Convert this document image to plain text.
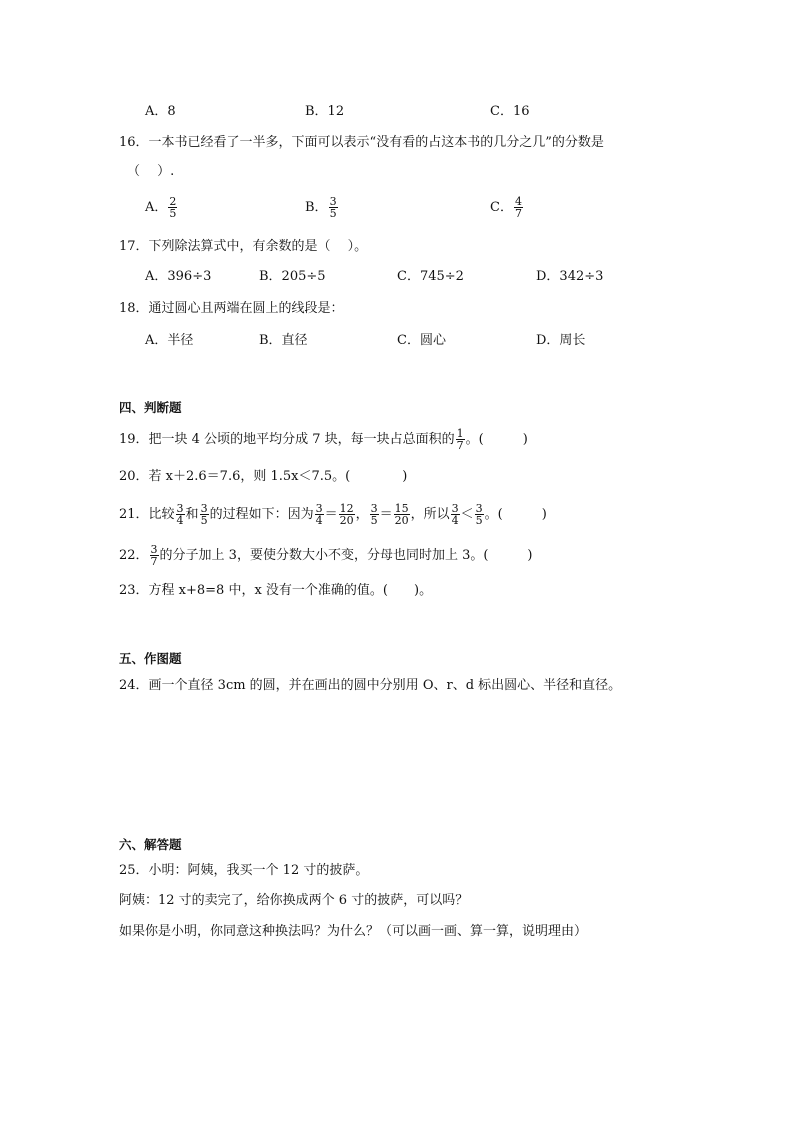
A．8	B．12	C．16
16．一本书已经看了一半多，下面可以表示“没有看的占这本书的几分之几”的分数是
（　 ）.
A． $\frac{2}{5}$	B． $\frac{3}{5}$	C． $\frac{4}{7}$
17．下列除法算式中，有余数的是（　 ）。
A．396÷3	B．205÷5	C．745÷2	D．342÷3
18．通过圆心且两端在圆上的线段是：
A．半径	B．直径	C．圆心	D．周长
四、判断题
19．把一块 4 公顷的地平均分成 7 块，每一块占总面积的 $\frac{1}{7}$ 。(　　　)
20．若 x＋2.6＝7.6，则 1.5x＜7.5。(　　　　)
21．比较 $\frac{3}{4}$ 和 $\frac{3}{5}$ 的过程如下：因为 $\frac{3}{4} = \frac{12}{20}$ ， $\frac{3}{5} = \frac{15}{20}$ ，所以 $\frac{3}{4} < \frac{3}{5}$ 。(　　　)
22． $\frac{3}{7}$ 的分子加上 3，要使分数大小不变，分母也同时加上 3。(　　　)
23．方程 x+8=8 中，x 没有一个准确的值。(　　)。
五、作图题
24．画一个直径 3cm 的圆，并在画出的圆中分别用 O、r、d 标出圆心、半径和直径。
六、解答题
25．小明：阿姨，我买一个 12 寸的披萨。
阿姨：12 寸的卖完了，给你换成两个 6 寸的披萨，可以吗？
如果你是小明，你同意这种换法吗？为什么？（可以画一画、算一算，说明理由）
